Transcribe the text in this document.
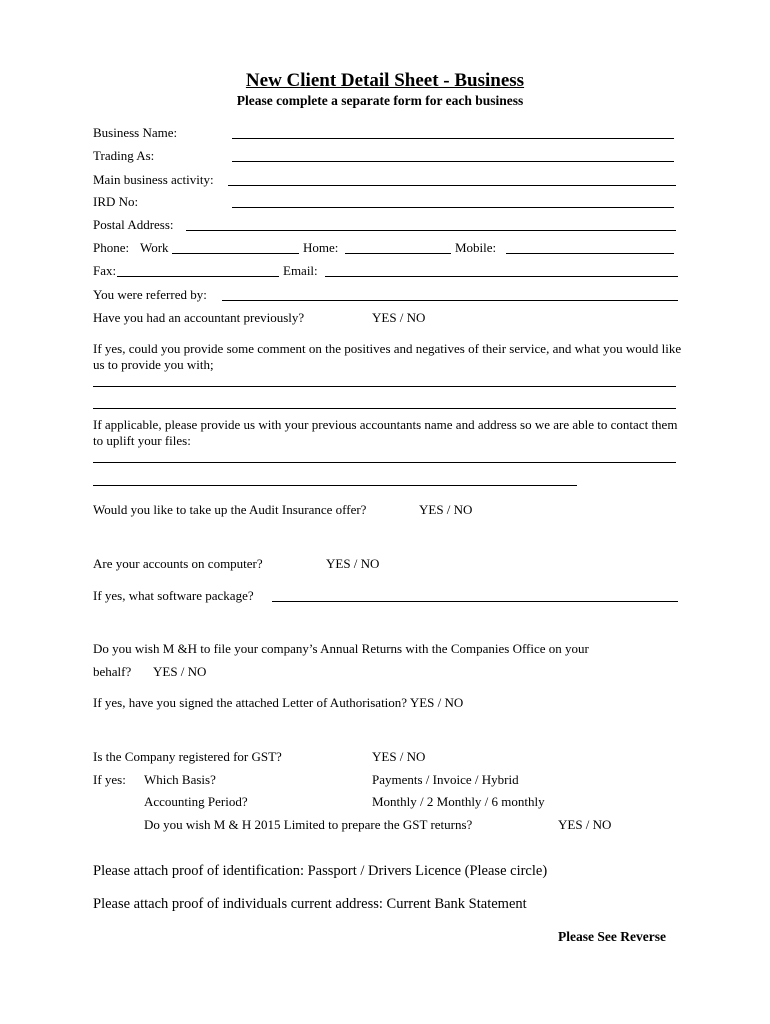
New Client Detail Sheet - Business
Please complete a separate form for each business
Business Name:
Trading As:
Main business activity:
IRD No:
Postal Address:
Phone: Work	Home:	Mobile:
Fax:	Email:
You were referred by:
Have you had an accountant previously?	YES / NO
If yes, could you provide some comment on the positives and negatives of their service, and what you would like us to provide you with;
If applicable, please provide us with your previous accountants name and address so we are able to contact them to uplift your files:
Would you like to take up the Audit Insurance offer?	YES / NO
Are your accounts on computer?	YES / NO
If yes, what software package?
Do you wish M &H to file your company’s Annual Returns with the Companies Office on your
behalf? YES / NO
If yes, have you signed the attached Letter of Authorisation? YES / NO
Is the Company registered for GST?	YES / NO
If yes: Which Basis?	Payments / Invoice / Hybrid
Accounting Period?	Monthly / 2 Monthly / 6 monthly
Do you wish M & H 2015 Limited to prepare the GST returns?	YES / NO
Please attach proof of identification: Passport / Drivers Licence (Please circle)
Please attach proof of individuals current address: Current Bank Statement
Please See Reverse
